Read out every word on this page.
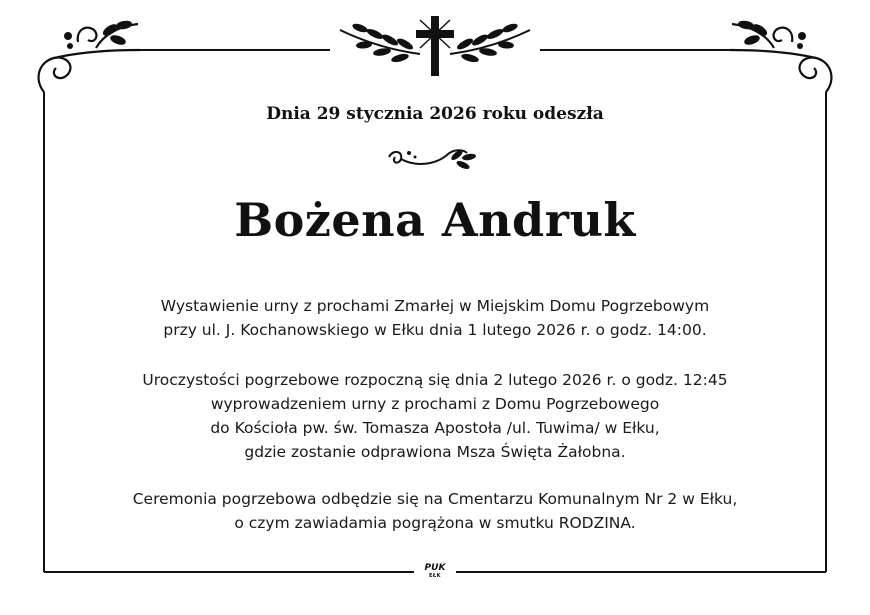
Dnia 29 stycznia 2026 roku odeszła
Bożena Andruk
Wystawienie urny z prochami Zmarłej w Miejskim Domu Pogrzebowym
przy ul. J. Kochanowskiego w Ełku dnia 1 lutego 2026 r. o godz. 14:00.
Uroczystości pogrzebowe rozpoczną się dnia 2 lutego 2026 r. o godz. 12:45
wyprowadzeniem urny z prochami z Domu Pogrzebowego
do Kościoła pw. św. Tomasza Apostoła /ul. Tuwima/ w Ełku,
gdzie zostanie odprawiona Msza Święta Żałobna.
Ceremonia pogrzebowa odbędzie się na Cmentarzu Komunalnym Nr 2 w Ełku,
o czym zawiadamia pogrążona w smutku RODZINA.
PUK
EŁK
